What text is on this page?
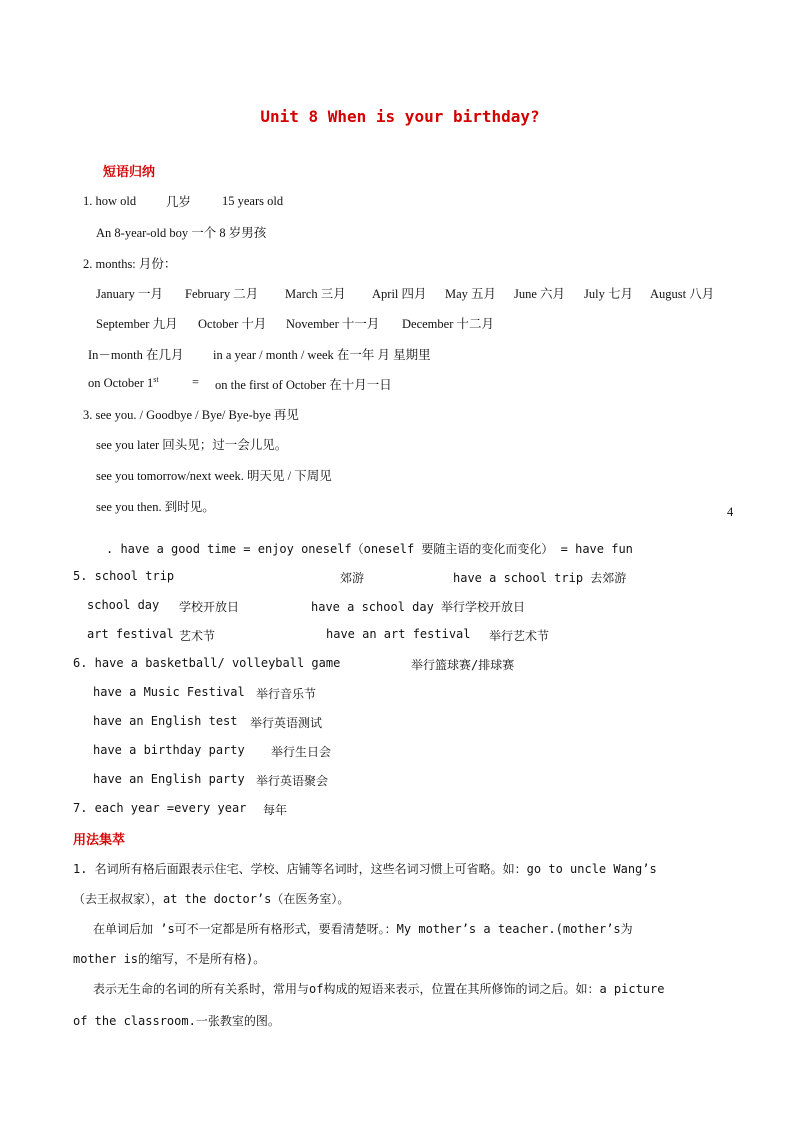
Unit 8 When is your birthday?
短语归纳
1. how old 几岁 15 years old
An 8-year-old boy 一个 8 岁男孩
2. months: 月份：
January 一月 February 二月 March 三月 April 四月 May 五月 June 六月 July 七月 August 八月
September 九月 October 十月 November 十一月 December 十二月
In－month 在几月 in a year / month / week 在一年 月 星期里
on October 1st	= on the first of October 在十月一日
3. see you. / Goodbye / Bye/ Bye-bye 再见
see you later 回头见；过一会儿见。
see you tomorrow/next week. 明天见 / 下周见
see you then. 到时见。	4
. have a good time = enjoy oneself（oneself 要随主语的变化而变化） = have fun
5. school trip	郊游	have a school trip 去郊游
school day 学校开放日	have a school day 举行学校开放日
art festival 艺术节	have an art festival 举行艺术节
6. have a basketball/ volleyball game	举行篮球赛/排球赛
have a Music Festival 举行音乐节
have an English test 举行英语测试
have a birthday party 举行生日会
have an English party 举行英语聚会
7. each year =every year 每年
用法集萃
1. 名词所有格后面跟表示住宅、学校、店铺等名词时，这些名词习惯上可省略。如：go to uncle Wang’s
（去王叔叔家），at the doctor’s（在医务室）。
在单词后加 ’s可不一定都是所有格形式，要看清楚呀。：My mother’s a teacher.(mother’s为
mother is的缩写，不是所有格)。
表示无生命的名词的所有关系时，常用与of构成的短语来表示，位置在其所修饰的词之后。如：a picture
of the classroom.一张教室的图。
